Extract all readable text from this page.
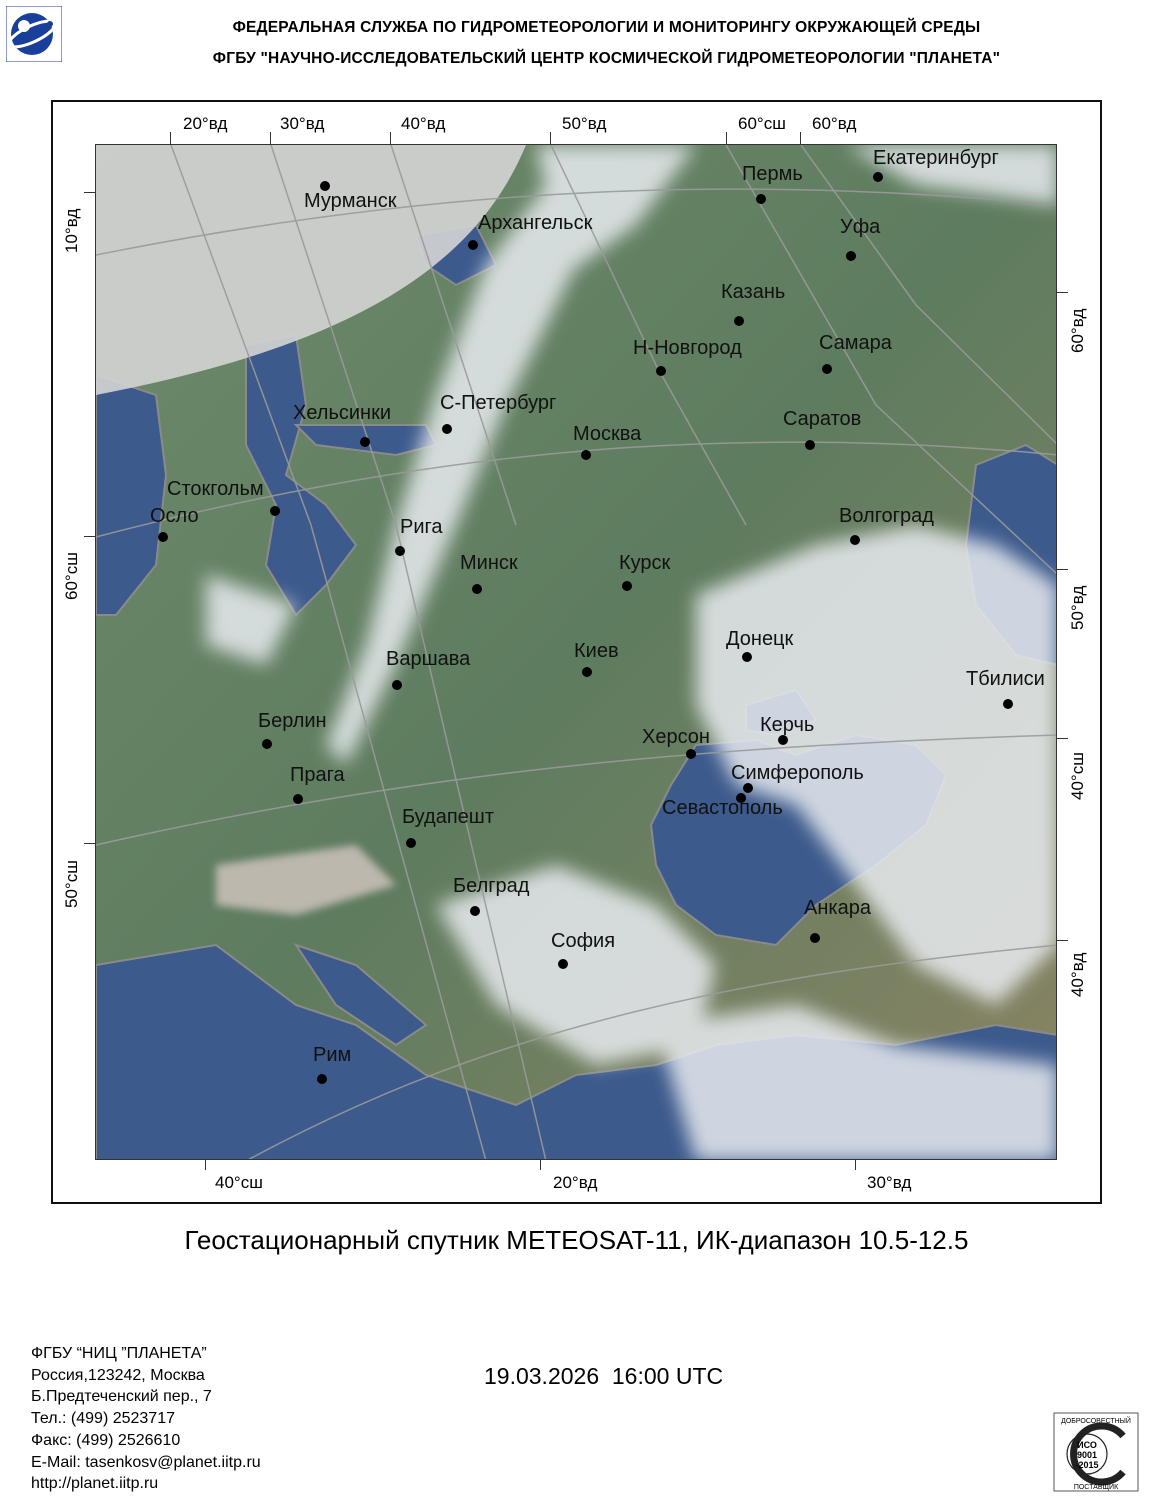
ФЕДЕРАЛЬНАЯ СЛУЖБА ПО ГИДРОМЕТЕОРОЛОГИИ И МОНИТОРИНГУ ОКРУЖАЮЩЕЙ СРЕДЫ
ФГБУ "НАУЧНО-ИССЛЕДОВАТЕЛЬСКИЙ ЦЕНТР КОСМИЧЕСКОЙ ГИДРОМЕТЕОРОЛОГИИ "ПЛАНЕТА"
20°вд	30°вд	40°вд	50°вд	60°сш 60°вд
40°сш	20°вд	30°вд
10°вд
60°сш
50°сш
60°вд
50°вд
40°сш
40°вд
Мурманск
Архангельск
Пермь
Екатеринбург
Уфа
Казань
Н-Новгород	Самара
Хельсинки С-Петербург
Москва
Саратов
Стокгольм
Осло	Рига	Волгоград
Минск	Курск
Донецк
Варшава	Киев
Тбилиси
Берлин
Херсон
Керчь
Прага	Симферополь
Севастополь
Будапешт
Белград
Анкара
София
Рим
Геостационарный спутник METEOSAT-11, ИК-диапазон 10.5-12.5
19.03.2026  16:00 UTC
ФГБУ “НИЦ ”ПЛАНЕТА”
Россия,123242, Москва
Б.Предтеченский пер., 7
Тел.: (499) 2523717
Факс: (499) 2526610
E-Mail: tasenkosv@planet.iitp.ru
http://planet.iitp.ru
ДОБРОСОВЕСТНЫЙ
ИСО
9001
-2015
ПОСТАВЩИК
